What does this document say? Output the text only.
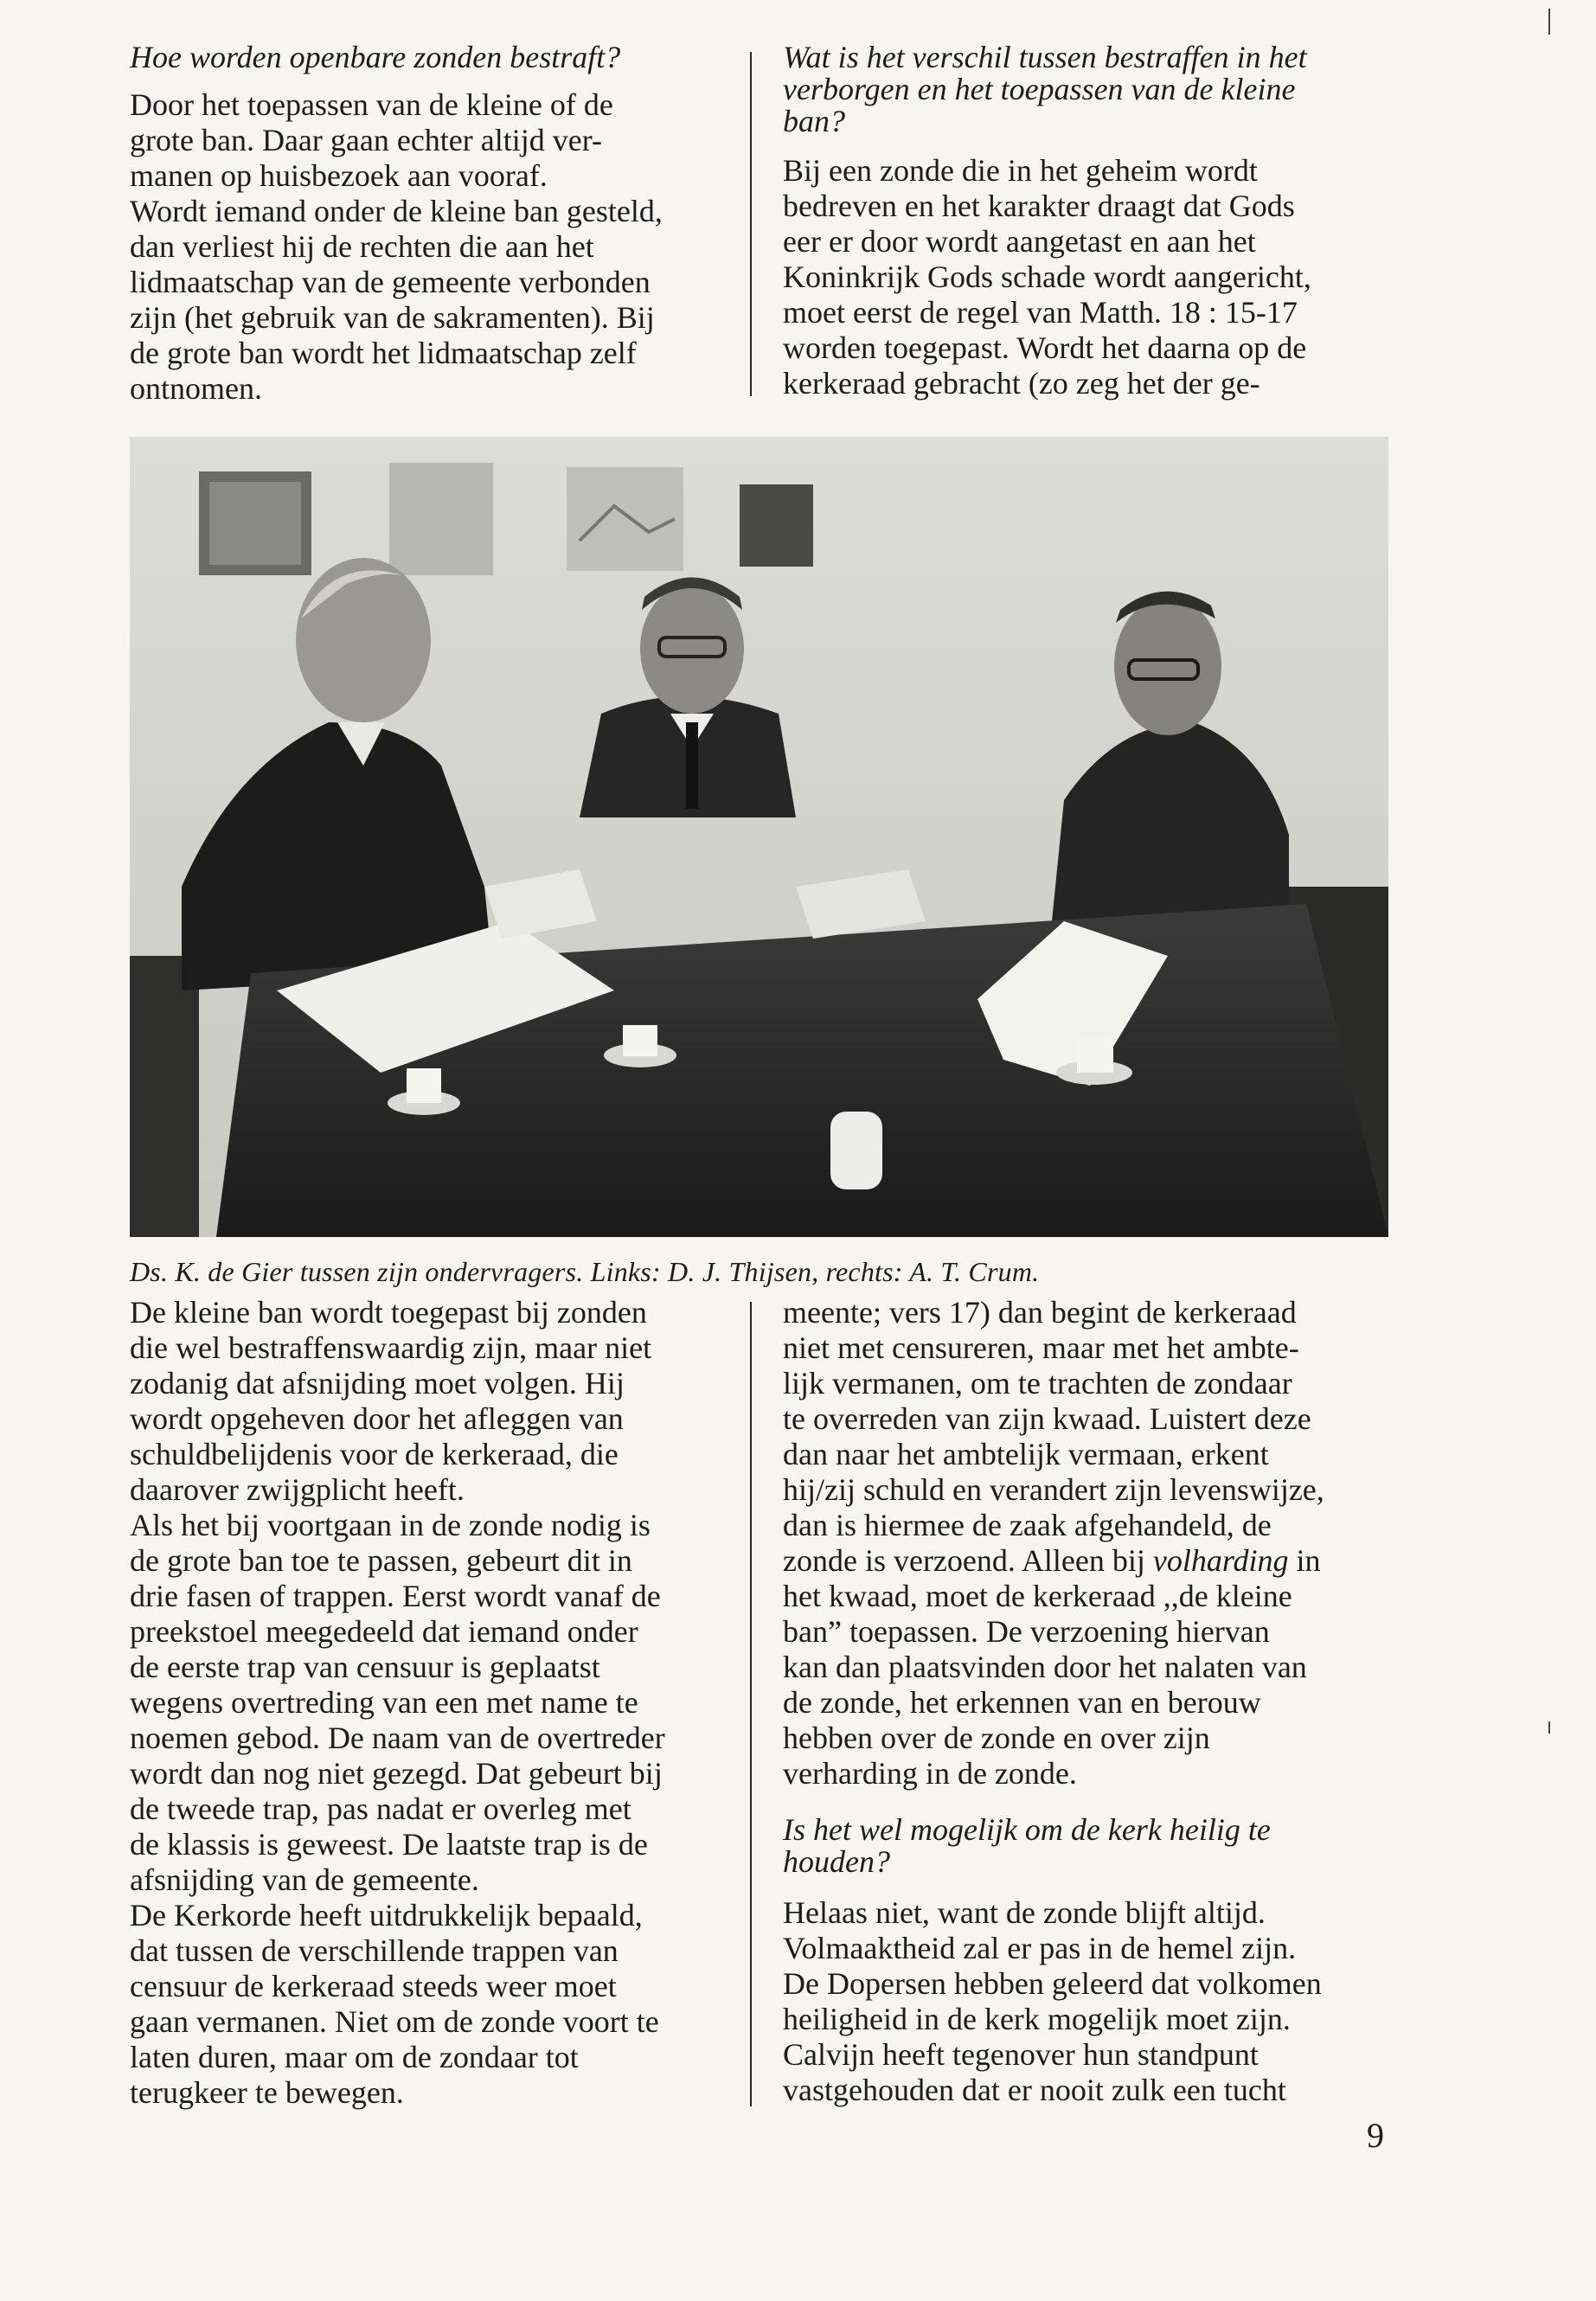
Hoe worden openbare zonden bestraft?

Door het toepassen van de kleine of de
grote ban. Daar gaan echter altijd ver-
manen op huisbezoek aan vooraf.
Wordt iemand onder de kleine ban gesteld,
dan verliest hij de rechten die aan het
lidmaatschap van de gemeente verbonden
zijn (het gebruik van de sakramenten). Bij
de grote ban wordt het lidmaatschap zelf
ontnomen.

Wat is het verschil tussen bestraffen in het
verborgen en het toepassen van de kleine
ban?

Bij een zonde die in het geheim wordt
bedreven en het karakter draagt dat Gods
eer er door wordt aangetast en aan het
Koninkrijk Gods schade wordt aangericht,
moet eerst de regel van Matth. 18 : 15-17
worden toegepast. Wordt het daarna op de
kerkeraad gebracht (zo zeg het der ge-

Ds. K. de Gier tussen zijn ondervragers. Links: D. J. Thijsen, rechts: A. T. Crum.

De kleine ban wordt toegepast bij zonden
die wel bestraffenswaardig zijn, maar niet
zodanig dat afsnijding moet volgen. Hij
wordt opgeheven door het afleggen van
schuldbelijdenis voor de kerkeraad, die
daarover zwijgplicht heeft.

Als het bij voortgaan in de zonde nodig is
de grote ban toe te passen, gebeurt dit in
drie fasen of trappen. Eerst wordt vanaf de
preekstoel meegedeeld dat iemand onder
de eerste trap van censuur is geplaatst
wegens overtreding van een met name te
noemen gebod. De naam van de overtreder
wordt dan nog niet gezegd. Dat gebeurt bij
de tweede trap, pas nadat er overleg met
de klassis is geweest. De laatste trap is de
afsnijding van de gemeente.

De Kerkorde heeft uitdrukkelijk bepaald,
dat tussen de verschillende trappen van
censuur de kerkeraad steeds weer moet
gaan vermanen. Niet om de zonde voort te
laten duren, maar om de zondaar tot
terugkeer te bewegen.

meente; vers 17) dan begint de kerkeraad
niet met censureren, maar met het ambte-
lijk vermanen, om te trachten de zondaar
te overreden van zijn kwaad. Luistert deze
dan naar het ambtelijk vermaan, erkent
hij/zij schuld en verandert zijn levenswijze,
dan is hiermee de zaak afgehandeld, de
zonde is verzoend. Alleen bij volharding in
het kwaad, moet de kerkeraad ,,de kleine
ban” toepassen. De verzoening hiervan
kan dan plaatsvinden door het nalaten van
de zonde, het erkennen van en berouw
hebben over de zonde en over zijn
verharding in de zonde.

Is het wel mogelijk om de kerk heilig te
houden?

Helaas niet, want de zonde blijft altijd.
Volmaaktheid zal er pas in de hemel zijn.
De Dopersen hebben geleerd dat volkomen
heiligheid in de kerk mogelijk moet zijn.
Calvijn heeft tegenover hun standpunt
vastgehouden dat er nooit zulk een tucht

9
